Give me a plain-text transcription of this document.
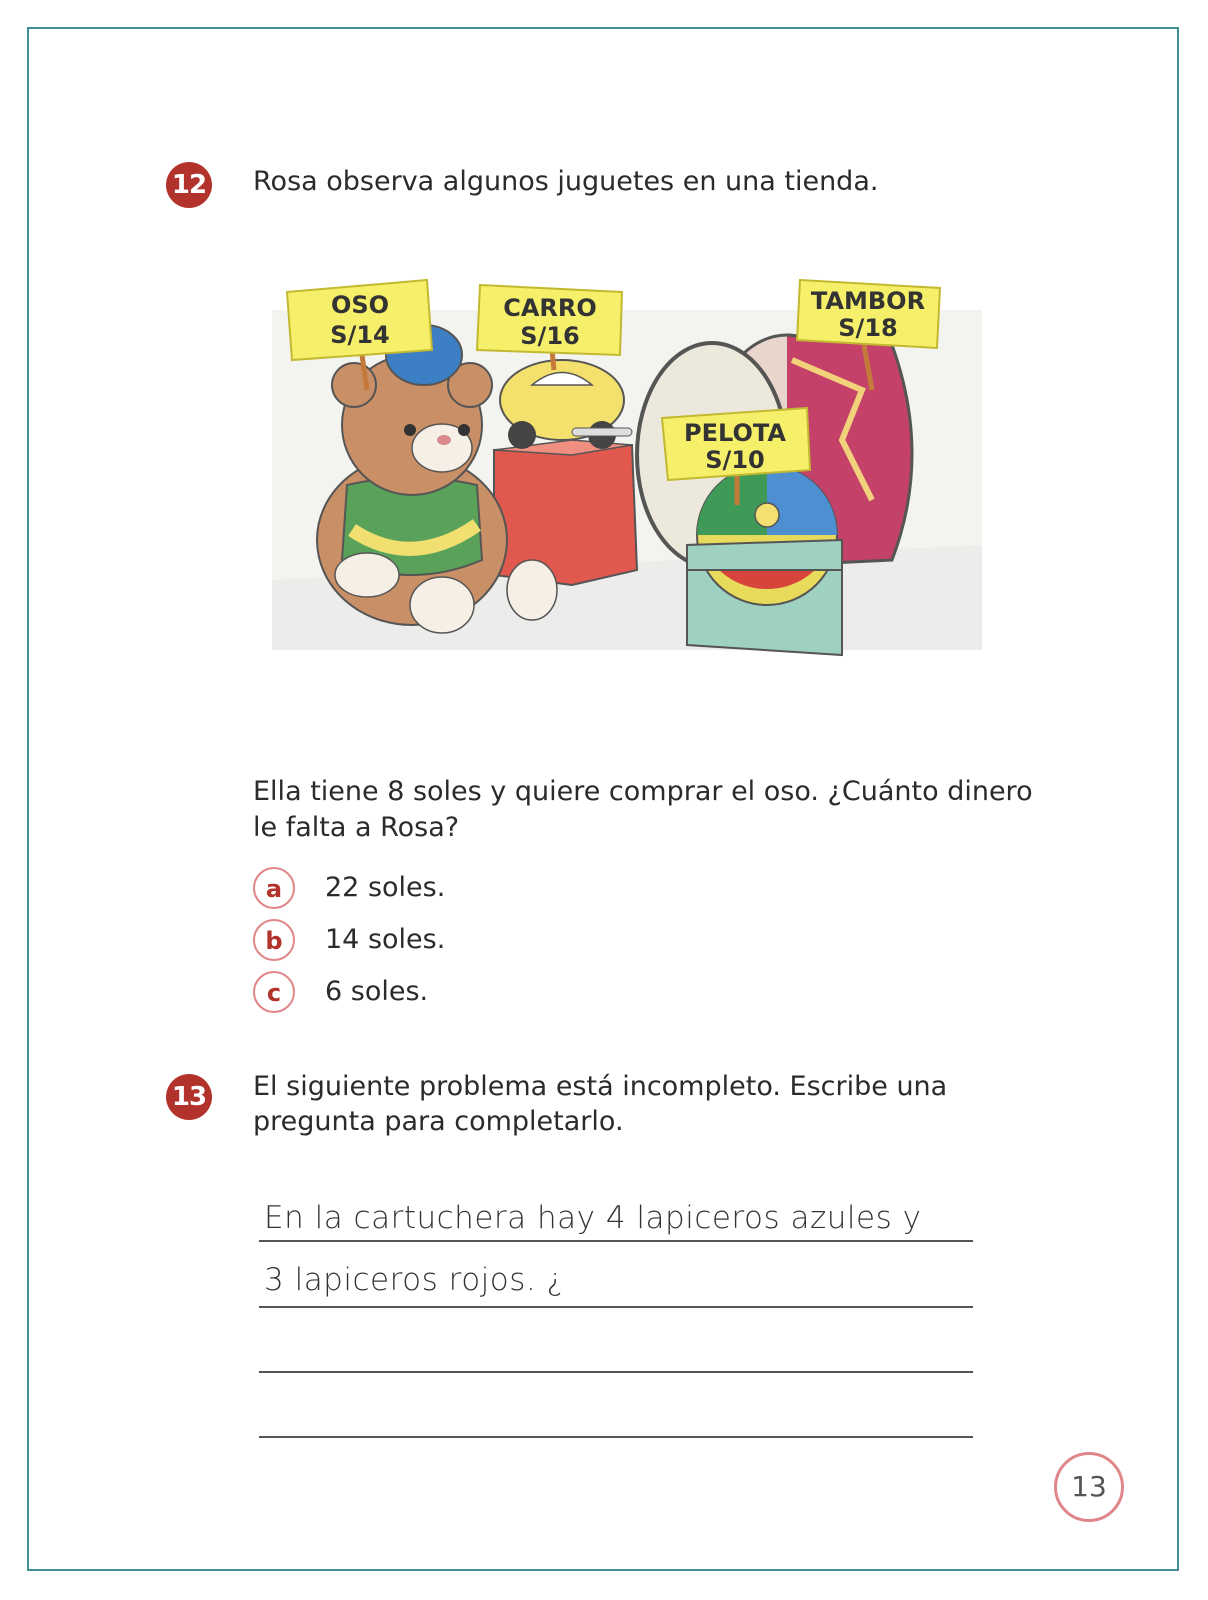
12 Rosa observa algunos juguetes en una tienda.
OSO
S/14
CARRO
S/16
TAMBOR
S/18
PELOTA
S/10
Ella tiene 8 soles y quiere comprar el oso. ¿Cuánto dinero
le falta a Rosa?
a	22 soles.
b	14 soles.
c	6 soles.
13 El siguiente problema está incompleto. Escribe una
pregunta para completarlo.
En la cartuchera hay 4 lapiceros azules y
3 lapiceros rojos. ¿
13
